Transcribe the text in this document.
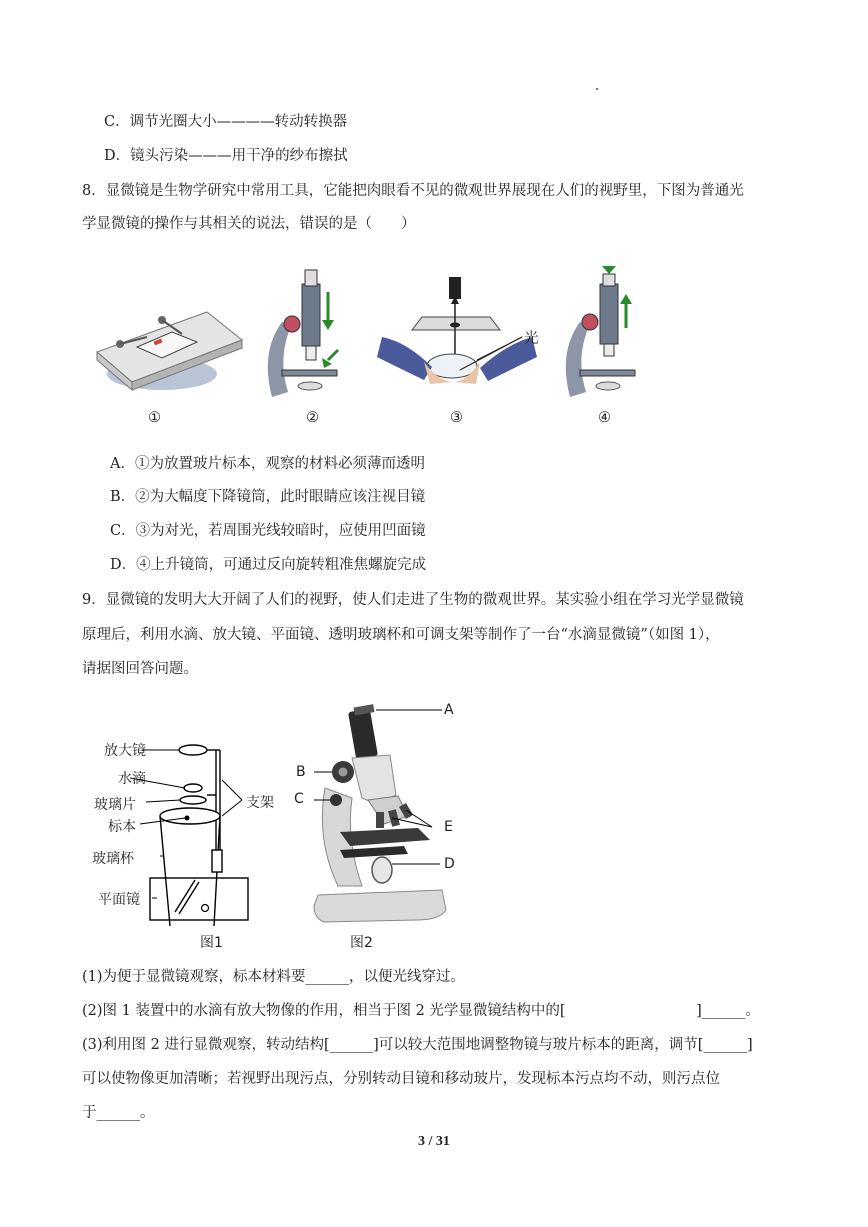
C．调节光圈大小————转动转换器
D．镜头污染———用干净的纱布擦拭
8．显微镜是生物学研究中常用工具，它能把肉眼看不见的微观世界展现在人们的视野里，下图为普通光
学显微镜的操作与其相关的说法，错误的是（　　）
光
①	②	③	④
A．①为放置玻片标本，观察的材料必须薄而透明
B．②为大幅度下降镜筒，此时眼睛应该注视目镜
C．③为对光，若周围光线较暗时，应使用凹面镜
D．④上升镜筒，可通过反向旋转粗准焦螺旋完成
9．显微镜的发明大大开阔了人们的视野，使人们走进了生物的微观世界。某实验小组在学习光学显微镜
原理后，利用水滴、放大镜、平面镜、透明玻璃杯和可调支架等制作了一台“水滴显微镜”（如图 1），
请据图回答问题。
放大镜
水滴
玻璃片
标本
玻璃杯
平面镜
支架
图1
A
B
C
D
E
图2
(1)为便于显微镜观察，标本材料要______，以便光线穿过。
(2)图 1 装置中的水滴有放大物像的作用，相当于图 2 光学显微镜结构中的[　　　　　　　　　]______。
(3)利用图 2 进行显微观察，转动结构[______]可以较大范围地调整物镜与玻片标本的距离，调节[______]
可以使物像更加清晰；若视野出现污点，分别转动目镜和移动玻片，发现标本污点均不动，则污点位
于______。
3 / 31
